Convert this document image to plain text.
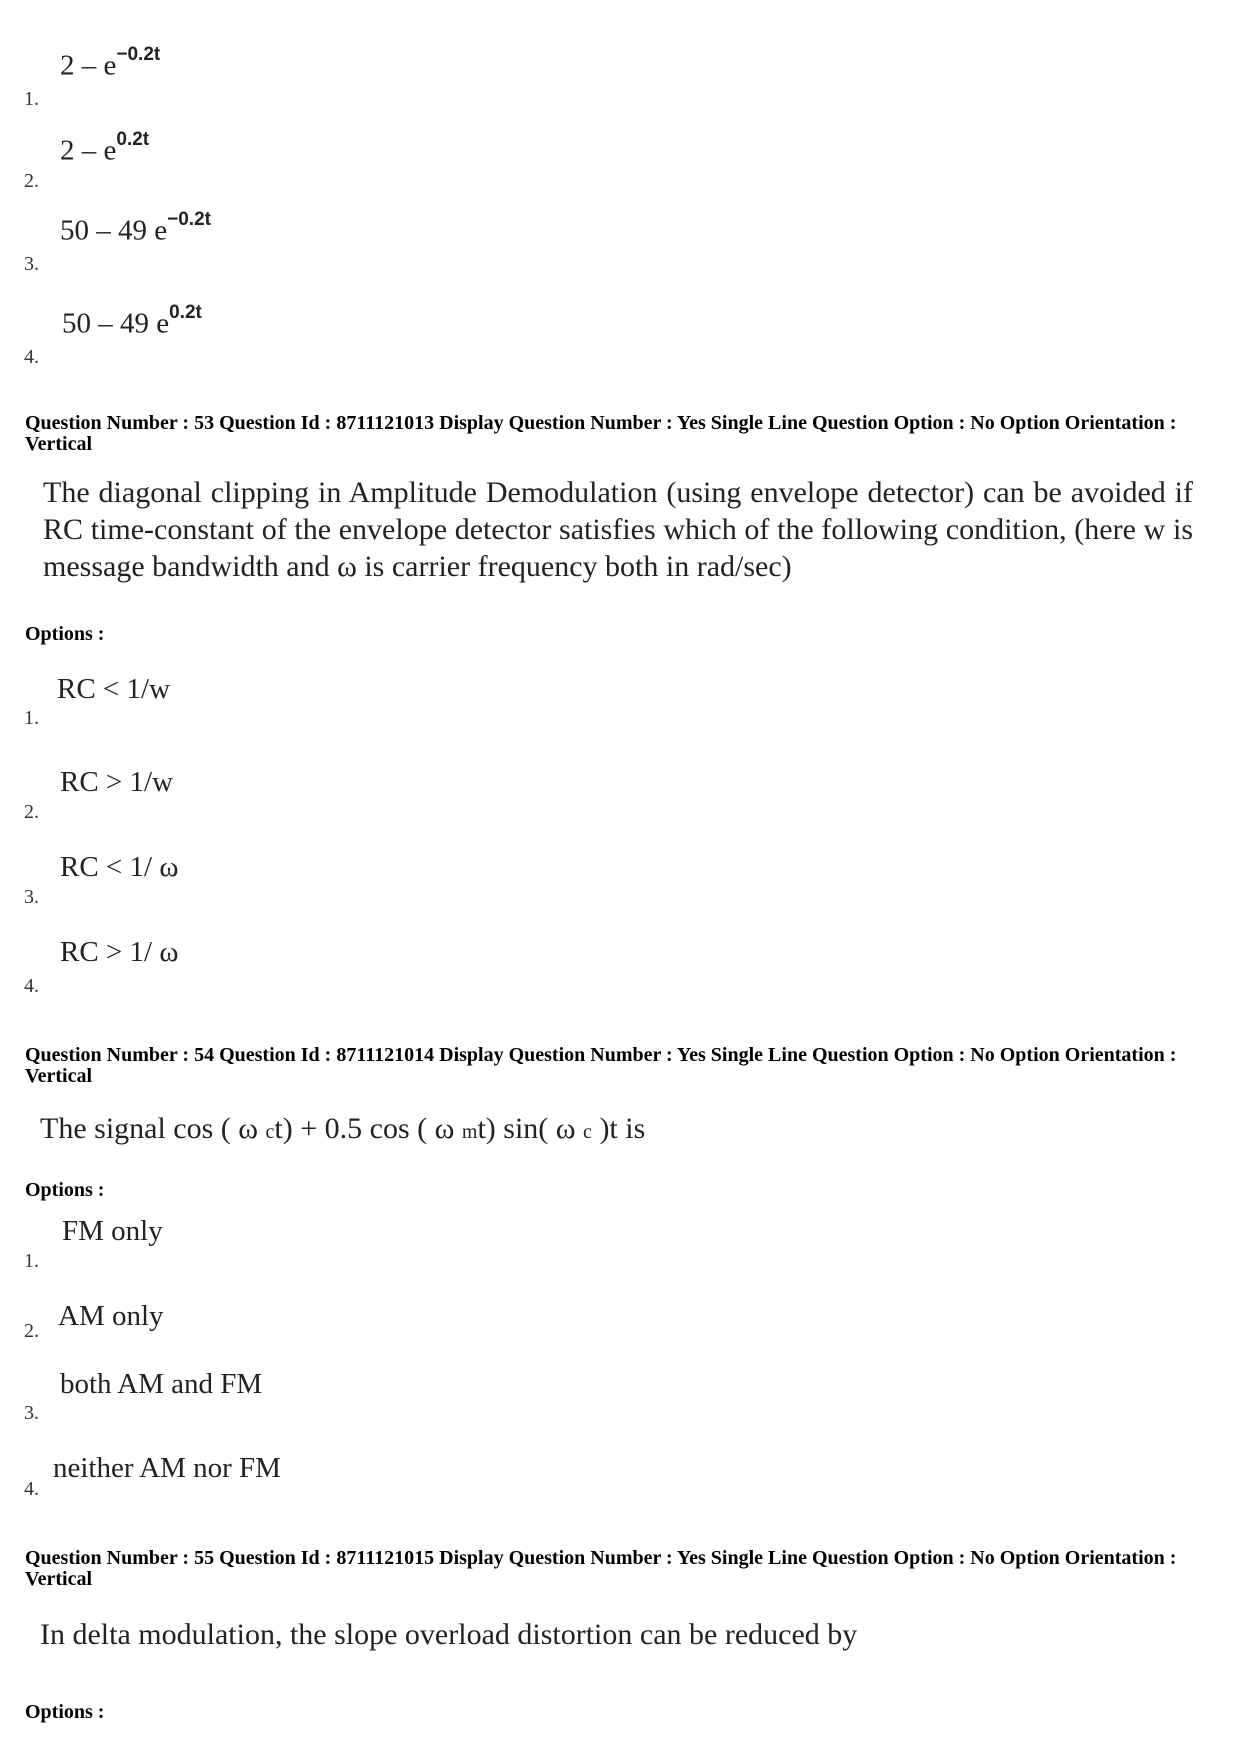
$2 - e^{-0.2t}$
1.
$2 - e^{0.2t}$
2.
50 – 49 $e^{-0.2t}$
3.
50 – 49 $e^{0.2t}$
4.
Question Number : 53 Question Id : 8711121013 Display Question Number : Yes Single Line Question Option : No Option Orientation : Vertical
The diagonal clipping in Amplitude Demodulation (using envelope detector) can be avoided if RC time-constant of the envelope detector satisfies which of the following condition, (here w is message bandwidth and ω is carrier frequency both in rad/sec)
Options :
RC < 1/w
1.
RC > 1/w
2.
RC < 1/ ω
3.
RC > 1/ ω
4.
Question Number : 54 Question Id : 8711121014 Display Question Number : Yes Single Line Question Option : No Option Orientation : Vertical
The signal cos ( ω ct) + 0.5 cos ( ω mt) sin( ω c )t is
Options :
FM only
1.
AM only
2.
both AM and FM
3.
neither AM nor FM
4.
Question Number : 55 Question Id : 8711121015 Display Question Number : Yes Single Line Question Option : No Option Orientation : Vertical
In delta modulation, the slope overload distortion can be reduced by
Options :
